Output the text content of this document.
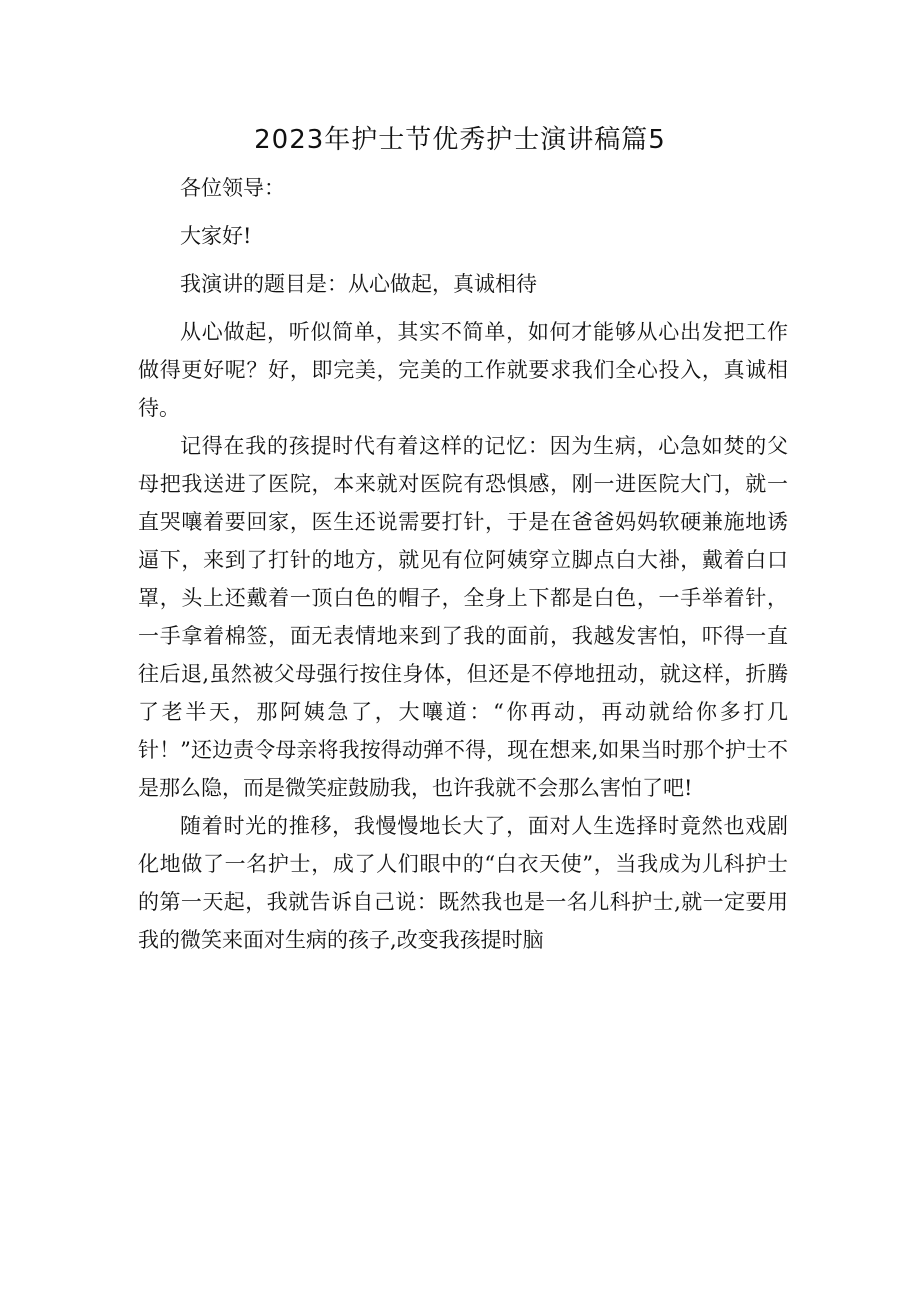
2023年护士节优秀护士演讲稿篇5

各位领导：

大家好!

我演讲的题目是：从心做起，真诚相待

从心做起，听似简单，其实不简单，如何才能够从心出发把工作做得更好呢？好，即完美，完美的工作就要求我们全心投入，真诚相待。

记得在我的孩提时代有着这样的记忆：因为生病，心急如焚的父母把我送进了医院，本来就对医院有恐惧感，刚一进医院大门，就一直哭嚷着要回家，医生还说需要打针，于是在爸爸妈妈软硬兼施地诱逼下，来到了打针的地方，就见有位阿姨穿立脚点白大褂，戴着白口罩，头上还戴着一顶白色的帽子，全身上下都是白色，一手举着针，一手拿着棉签，面无表情地来到了我的面前，我越发害怕，吓得一直往后退,虽然被父母强行按住身体，但还是不停地扭动，就这样，折腾了老半天，那阿姨急了，大嚷道：“你再动，再动就给你多打几针！”还边责令母亲将我按得动弹不得，现在想来,如果当时那个护士不是那么隐，而是微笑症鼓励我，也许我就不会那么害怕了吧!

随着时光的推移，我慢慢地长大了，面对人生选择时竟然也戏剧化地做了一名护士，成了人们眼中的“白衣天使”，当我成为儿科护士的第一天起，我就告诉自己说：既然我也是一名儿科护士,就一定要用我的微笑来面对生病的孩子,改变我孩提时脑
